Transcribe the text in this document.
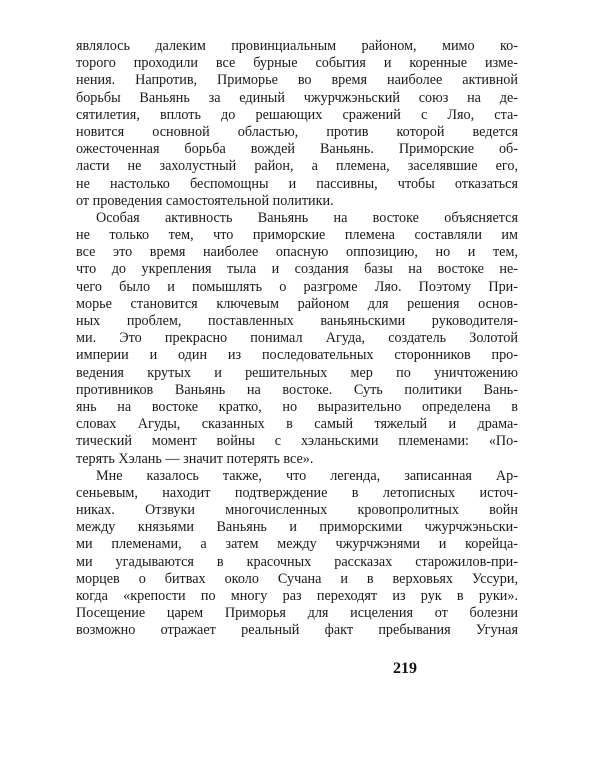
являлось далеким провинциальным районом, мимо ко-
торого проходили все бурные события и коренные изме-
нения. Напротив, Приморье во время наиболее активной
борьбы Ваньянь за единый чжурчжэньский союз на де-
сятилетия, вплоть до решающих сражений с Ляо, ста-
новится основной областью, против которой ведется
ожесточенная борьба вождей Ваньянь. Приморские об-
ласти не захолустный район, а племена, заселявшие его,
не настолько беспомощны и пассивны, чтобы отказаться
от проведения самостоятельной политики.
Особая активность Ваньянь на востоке объясняется
не только тем, что приморские племена составляли им
все это время наиболее опасную оппозицию, но и тем,
что до укрепления тыла и создания базы на востоке не-
чего было и помышлять о разгроме Ляо. Поэтому При-
морье становится ключевым районом для решения основ-
ных проблем, поставленных ваньяньскими руководителя-
ми. Это прекрасно понимал Агуда, создатель Золотой
империи и один из последовательных сторонников про-
ведения крутых и решительных мер по уничтожению
противников Ваньянь на востоке. Суть политики Вань-
янь на востоке кратко, но выразительно определена в
словах Агуды, сказанных в самый тяжелый и драма-
тический момент войны с хэланьскими племенами: «По-
терять Хэлань — значит потерять все».
Мне казалось также, что легенда, записанная Ар-
сеньевым, находит подтверждение в летописных источ-
никах. Отзвуки многочисленных кровопролитных войн
между князьями Ваньянь и приморскими чжурчжэньски-
ми племенами, а затем между чжурчжэнями и корейца-
ми угадываются в красочных рассказах старожилов-при-
морцев о битвах около Сучана и в верховьях Уссури,
когда «крепости по многу раз переходят из рук в руки».
Посещение царем Приморья для исцеления от болезни
возможно отражает реальный факт пребывания Угуная
219
